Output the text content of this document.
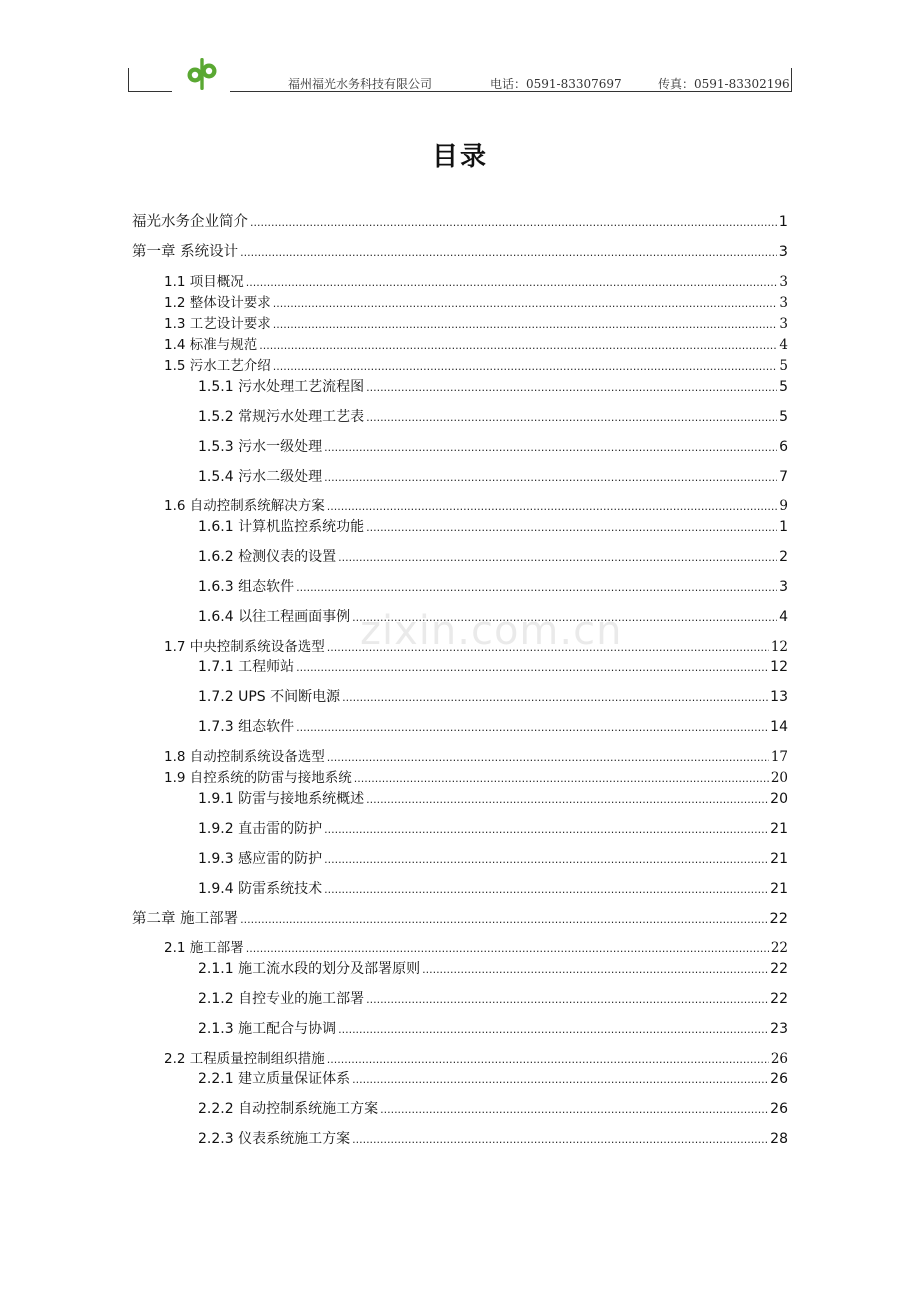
福州福光水务科技有限公司	电话：0591-83307697	传真：0591-83302196
目录
zixin.com.cn
福光水务企业简介 .....	1
第一章 系统设计 .....	3
1.1 项目概况 .....	3
1.2 整体设计要求 .....	3
1.3 工艺设计要求 .....	3
1.4 标准与规范 .....	4
1.5 污水工艺介绍 .....	5
1.5.1 污水处理工艺流程图 .....	5
1.5.2 常规污水处理工艺表 .....	5
1.5.3 污水一级处理 .....	6
1.5.4 污水二级处理 .....	7
1.6 自动控制系统解决方案 .....	9
1.6.1 计算机监控系统功能 .....	1
1.6.2 检测仪表的设置 .....	2
1.6.3 组态软件 .....	3
1.6.4 以往工程画面事例 .....	4
1.7 中央控制系统设备选型 .....	12
1.7.1 工程师站 .....	12
1.7.2 UPS 不间断电源 .....	13
1.7.3 组态软件 .....	14
1.8 自动控制系统设备选型 .....	17
1.9 自控系统的防雷与接地系统 .....	20
1.9.1 防雷与接地系统概述 .....	20
1.9.2 直击雷的防护 .....	21
1.9.3 感应雷的防护 .....	21
1.9.4 防雷系统技术 .....	21
第二章 施工部署 .....	22
2.1 施工部署 .....	22
2.1.1 施工流水段的划分及部署原则 .....	22
2.1.2 自控专业的施工部署 .....	22
2.1.3 施工配合与协调 .....	23
2.2 工程质量控制组织措施 .....	26
2.2.1 建立质量保证体系 .....	26
2.2.2 自动控制系统施工方案 .....	26
2.2.3 仪表系统施工方案 .....	28
